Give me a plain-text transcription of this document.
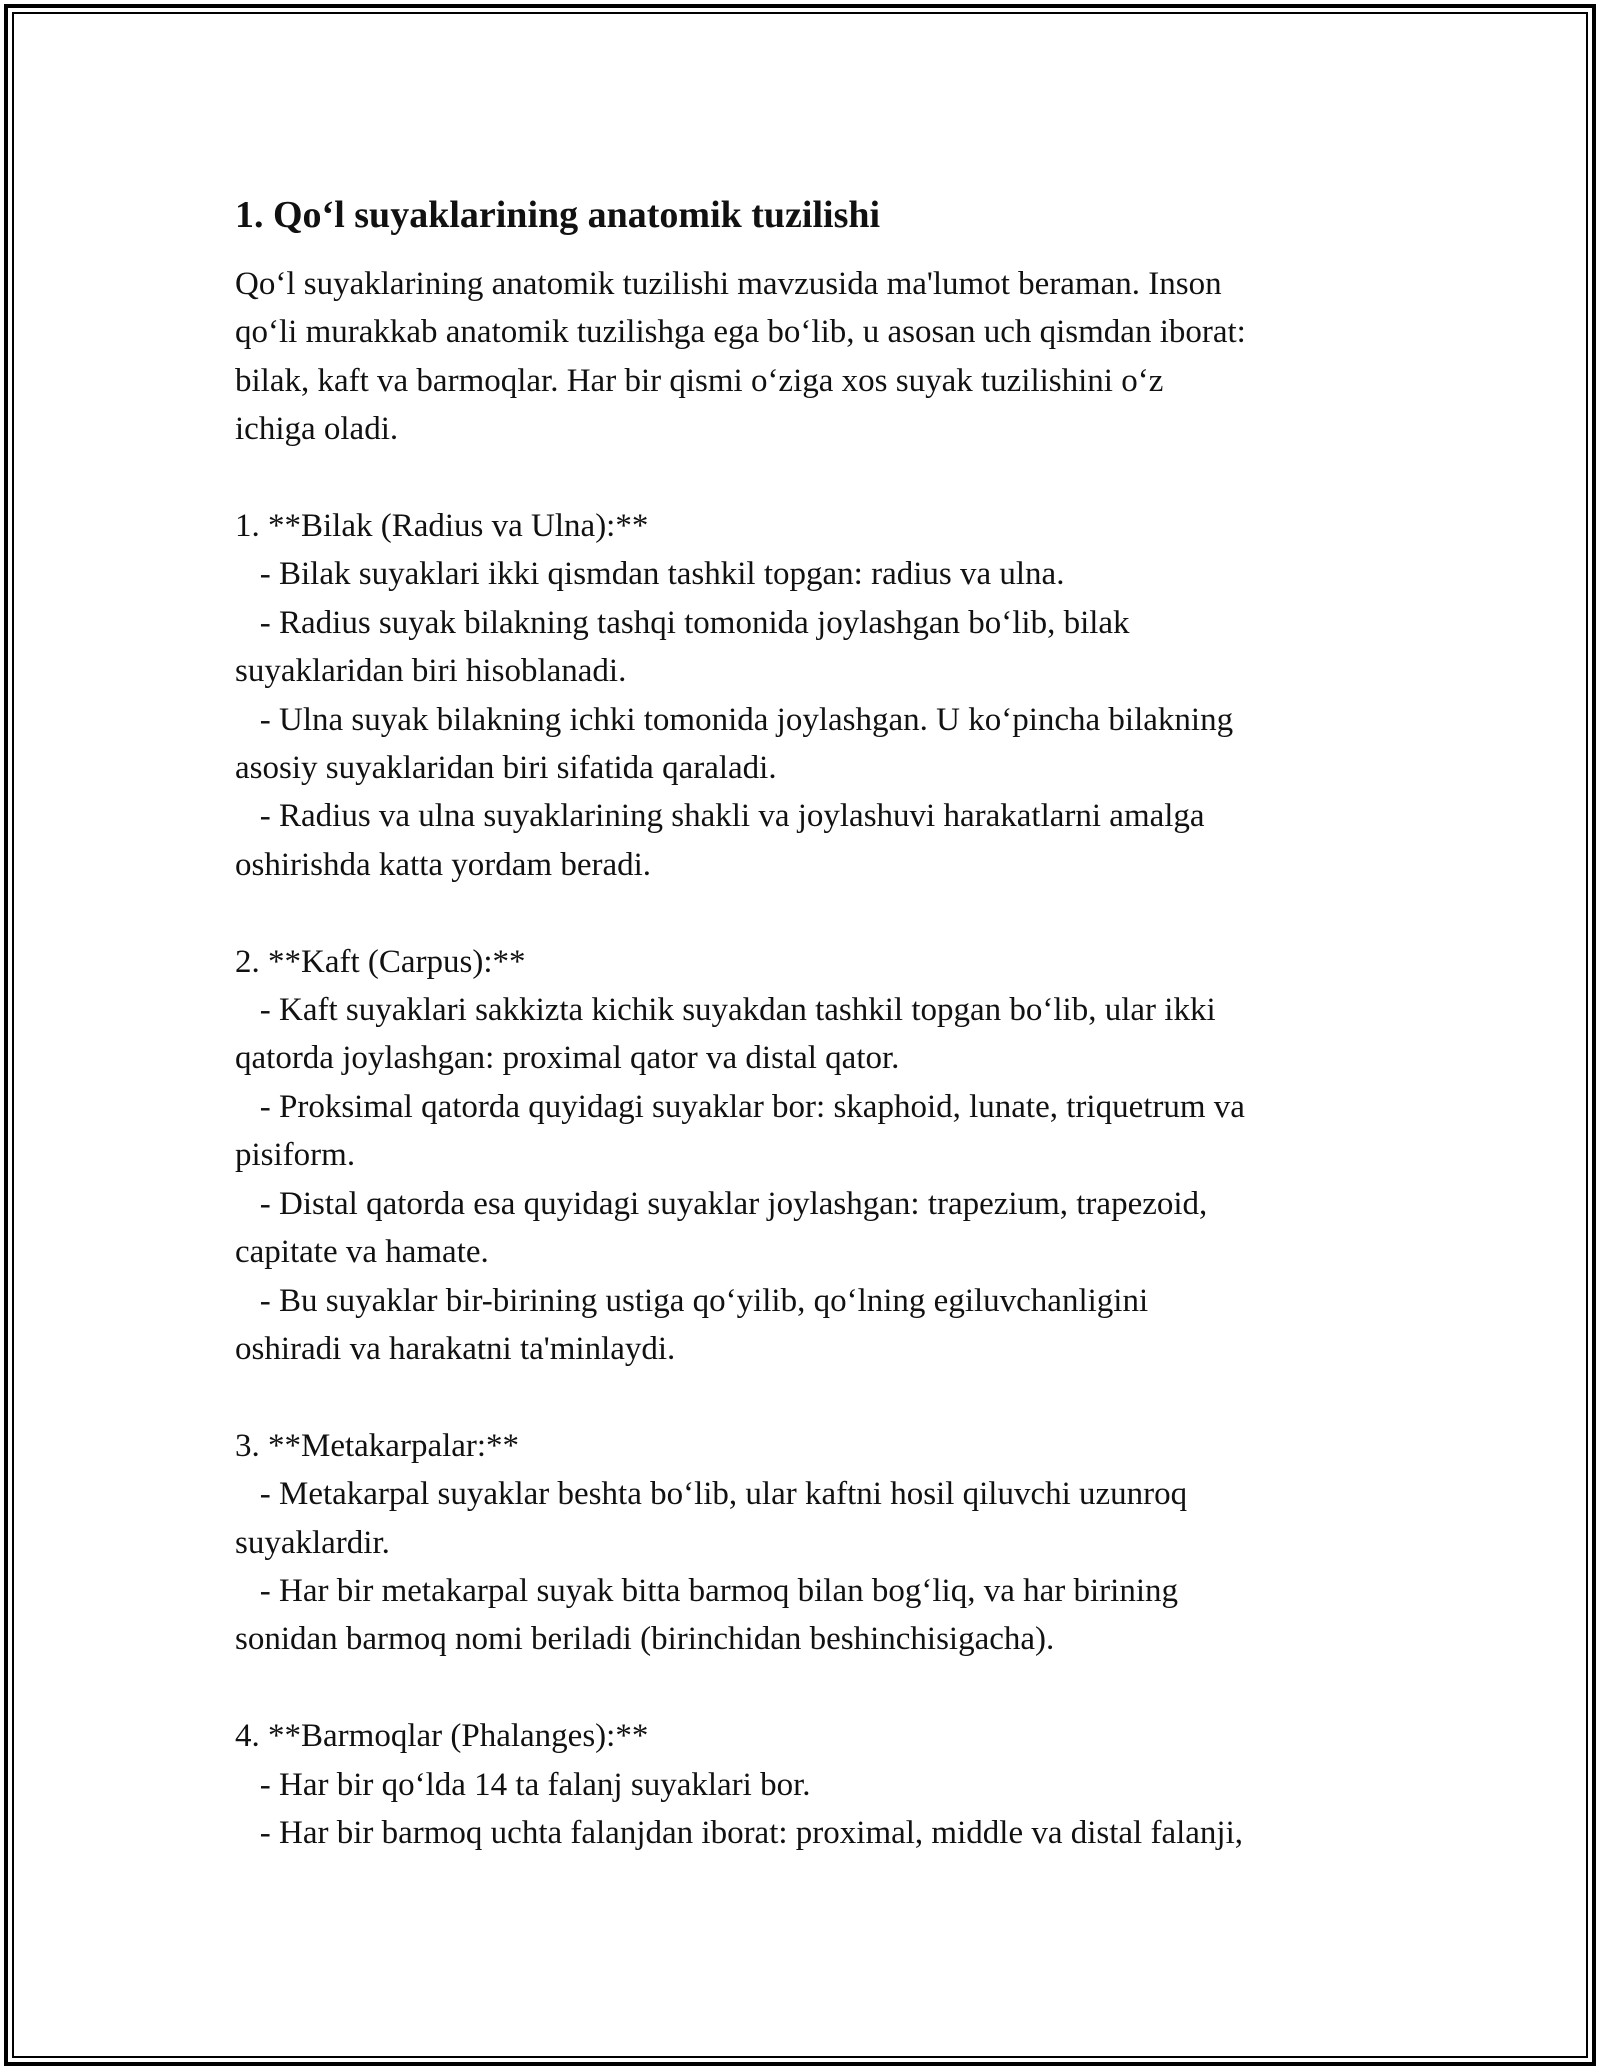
1. Qo‘l suyaklarining anatomik tuzilishi
Qo‘l suyaklarining anatomik tuzilishi mavzusida ma'lumot beraman. Inson
qo‘li murakkab anatomik tuzilishga ega bo‘lib, u asosan uch qismdan iborat:
bilak, kaft va barmoqlar. Har bir qismi o‘ziga xos suyak tuzilishini o‘z
ichiga oladi.
1. **Bilak (Radius va Ulna):**
- Bilak suyaklari ikki qismdan tashkil topgan: radius va ulna.
- Radius suyak bilakning tashqi tomonida joylashgan bo‘lib, bilak
suyaklaridan biri hisoblanadi.
- Ulna suyak bilakning ichki tomonida joylashgan. U ko‘pincha bilakning
asosiy suyaklaridan biri sifatida qaraladi.
- Radius va ulna suyaklarining shakli va joylashuvi harakatlarni amalga
oshirishda katta yordam beradi.
2. **Kaft (Carpus):**
- Kaft suyaklari sakkizta kichik suyakdan tashkil topgan bo‘lib, ular ikki
qatorda joylashgan: proximal qator va distal qator.
- Proksimal qatorda quyidagi suyaklar bor: skaphoid, lunate, triquetrum va
pisiform.
- Distal qatorda esa quyidagi suyaklar joylashgan: trapezium, trapezoid,
capitate va hamate.
- Bu suyaklar bir-birining ustiga qo‘yilib, qo‘lning egiluvchanligini
oshiradi va harakatni ta'minlaydi.
3. **Metakarpalar:**
- Metakarpal suyaklar beshta bo‘lib, ular kaftni hosil qiluvchi uzunroq
suyaklardir.
- Har bir metakarpal suyak bitta barmoq bilan bog‘liq, va har birining
sonidan barmoq nomi beriladi (birinchidan beshinchisigacha).
4. **Barmoqlar (Phalanges):**
- Har bir qo‘lda 14 ta falanj suyaklari bor.
- Har bir barmoq uchta falanjdan iborat: proximal, middle va distal falanji,
